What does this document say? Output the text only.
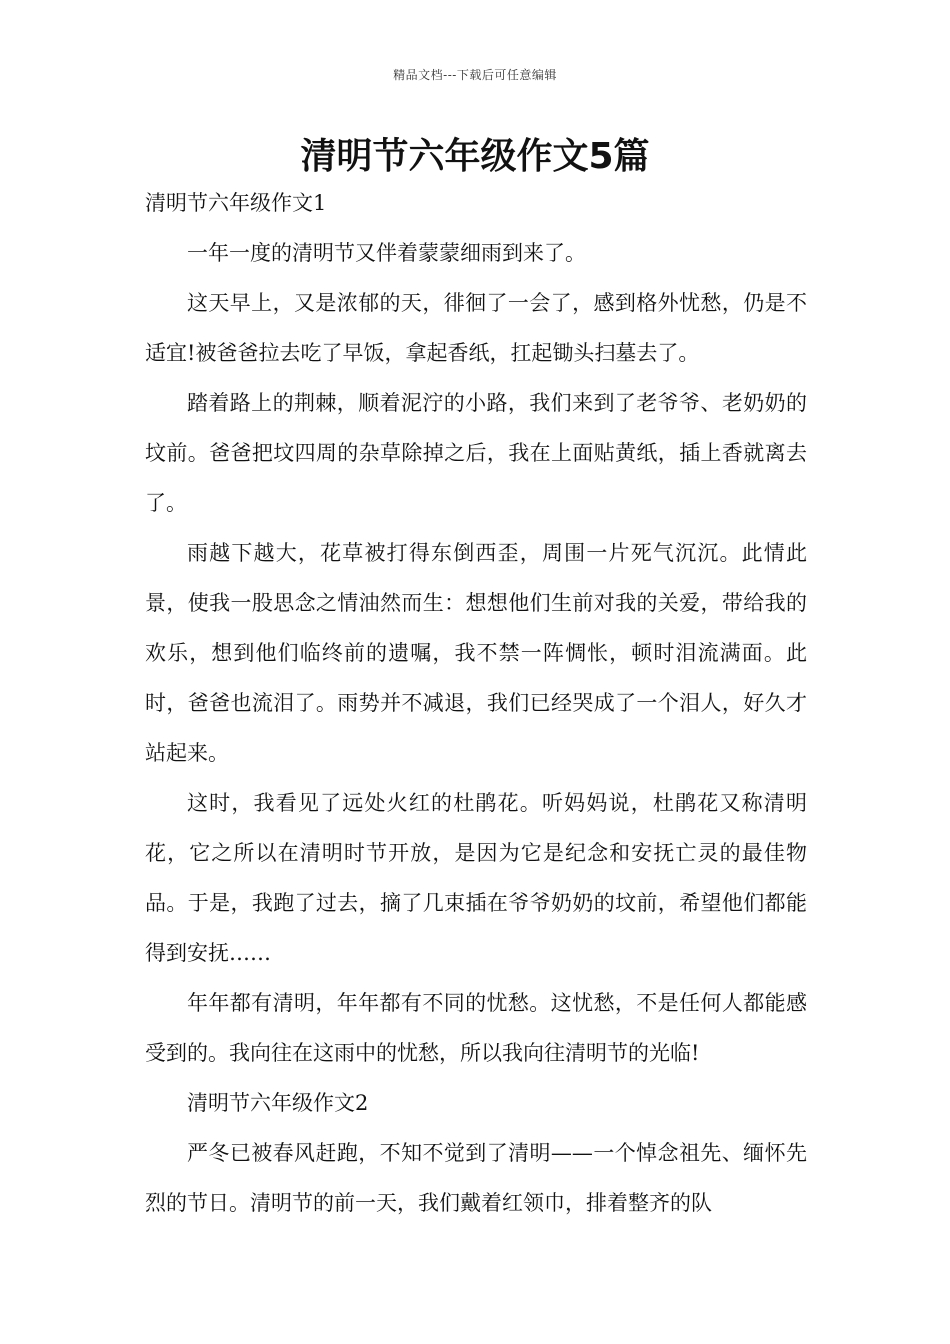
精品文档---下载后可任意编辑
清明节六年级作文5篇

清明节六年级作文1

一年一度的清明节又伴着蒙蒙细雨到来了。

这天早上，又是浓郁的天，徘徊了一会了，感到格外忧愁，仍是不适宜!被爸爸拉去吃了早饭，拿起香纸，扛起锄头扫墓去了。

踏着路上的荆棘，顺着泥泞的小路，我们来到了老爷爷、老奶奶的坟前。爸爸把坟四周的杂草除掉之后，我在上面贴黄纸，插上香就离去了。

雨越下越大，花草被打得东倒西歪，周围一片死气沉沉。此情此景，使我一股思念之情油然而生：想想他们生前对我的关爱，带给我的欢乐，想到他们临终前的遗嘱，我不禁一阵惆怅，顿时泪流满面。此时，爸爸也流泪了。雨势并不减退，我们已经哭成了一个泪人，好久才站起来。

这时，我看见了远处火红的杜鹃花。听妈妈说，杜鹃花又称清明花，它之所以在清明时节开放，是因为它是纪念和安抚亡灵的最佳物品。于是，我跑了过去，摘了几束插在爷爷奶奶的坟前，希望他们都能得到安抚……

年年都有清明，年年都有不同的忧愁。这忧愁，不是任何人都能感受到的。我向往在这雨中的忧愁，所以我向往清明节的光临!

清明节六年级作文2

严冬已被春风赶跑，不知不觉到了清明——一个悼念祖先、缅怀先烈的节日。清明节的前一天，我们戴着红领巾，排着整齐的队
